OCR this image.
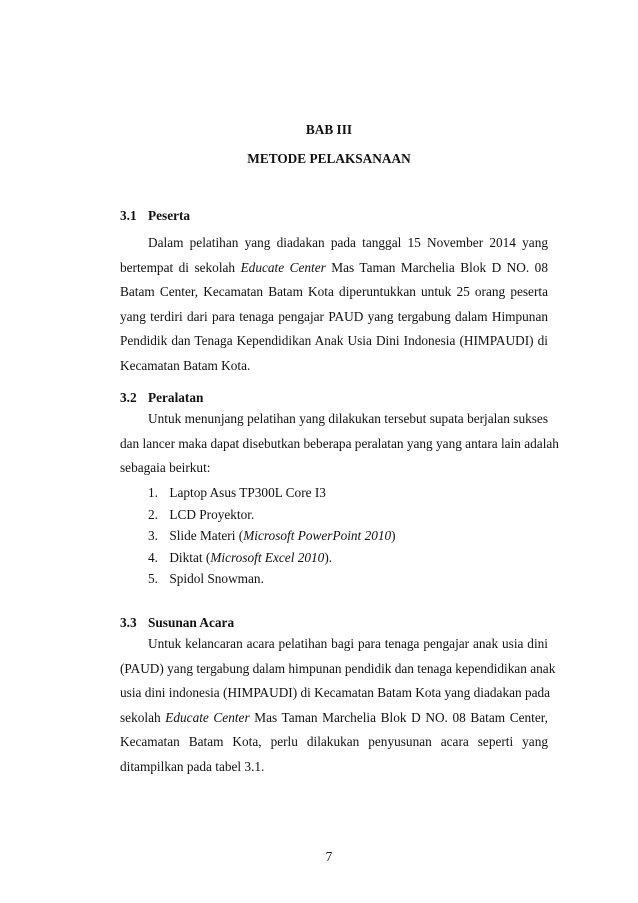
BAB III
METODE PELAKSANAAN
3.1 Peserta
Dalam pelatihan yang diadakan pada tanggal 15 November 2014 yang
bertempat di sekolah Educate Center Mas Taman Marchelia Blok D NO. 08
Batam Center, Kecamatan Batam Kota diperuntukkan untuk 25 orang peserta
yang terdiri dari para tenaga pengajar PAUD yang tergabung dalam Himpunan
Pendidik dan Tenaga Kependidikan Anak Usia Dini Indonesia (HIMPAUDI) di
Kecamatan Batam Kota.
3.2 Peralatan
Untuk menunjang pelatihan yang dilakukan tersebut supata berjalan sukses
dan lancer maka dapat disebutkan beberapa peralatan yang yang antara lain adalah
sebagaia beirkut:
1. Laptop Asus TP300L Core I3
2. LCD Proyektor.
3. Slide Materi (Microsoft PowerPoint 2010)
4. Diktat (Microsoft Excel 2010).
5. Spidol Snowman.
3.3 Susunan Acara
Untuk kelancaran acara pelatihan bagi para tenaga pengajar anak usia dini
(PAUD) yang tergabung dalam himpunan pendidik dan tenaga kependidikan anak
usia dini indonesia (HIMPAUDI) di Kecamatan Batam Kota yang diadakan pada
sekolah Educate Center Mas Taman Marchelia Blok D NO. 08 Batam Center,
Kecamatan Batam Kota, perlu dilakukan penyusunan acara seperti yang
ditampilkan pada tabel 3.1.
7
